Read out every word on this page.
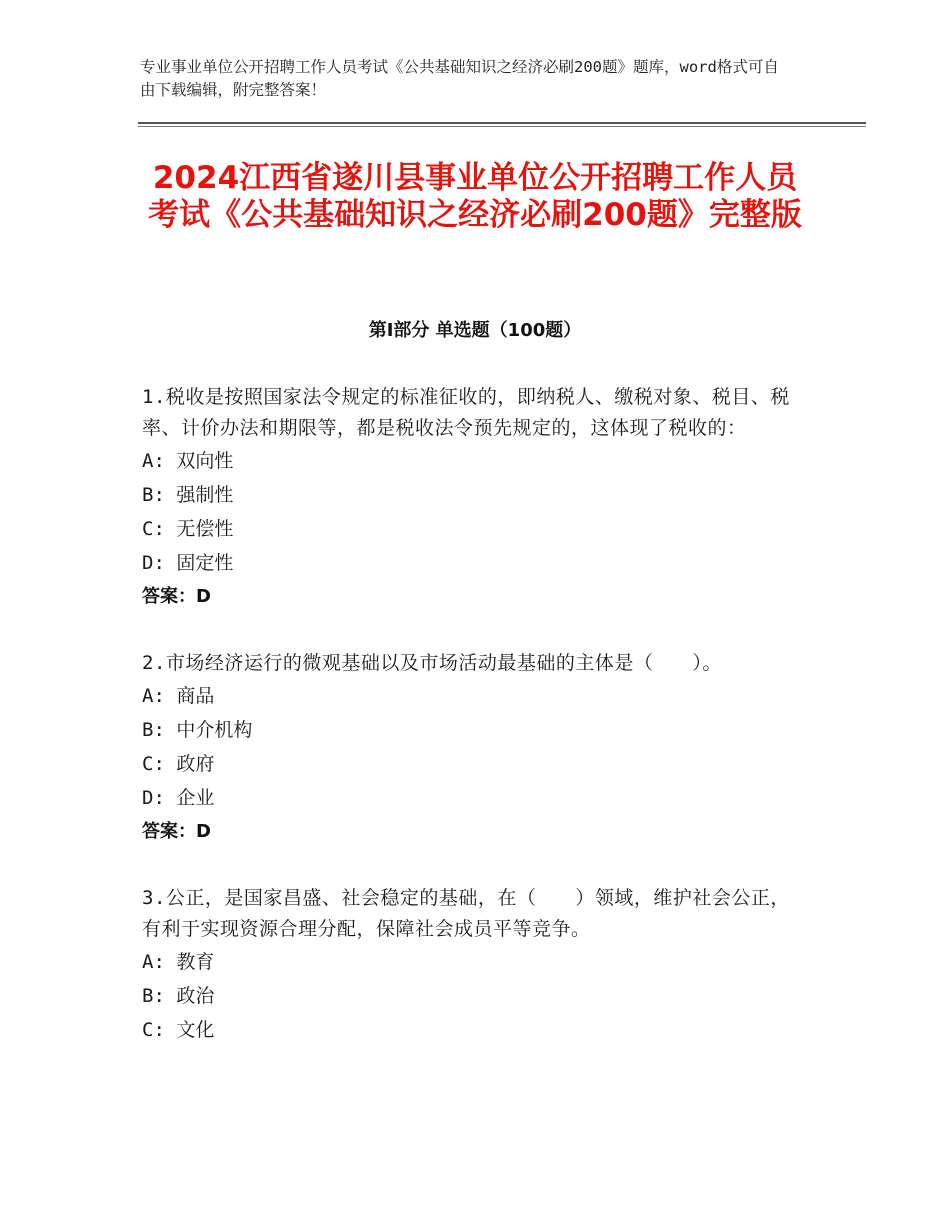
专业事业单位公开招聘工作人员考试《公共基础知识之经济必刷200题》题库，word格式可自由下载编辑，附完整答案！
2024江西省遂川县事业单位公开招聘工作人员考试《公共基础知识之经济必刷200题》完整版
第Ⅰ部分 单选题（100题）
1.税收是按照国家法令规定的标准征收的，即纳税人、缴税对象、税目、税率、计价办法和期限等，都是税收法令预先规定的，这体现了税收的：
A: 双向性
B: 强制性
C: 无偿性
D: 固定性
答案：D
2.市场经济运行的微观基础以及市场活动最基础的主体是（　　）。
A: 商品
B: 中介机构
C: 政府
D: 企业
答案：D
3.公正，是国家昌盛、社会稳定的基础，在（　　）领域，维护社会公正，有利于实现资源合理分配，保障社会成员平等竞争。
A: 教育
B: 政治
C: 文化
